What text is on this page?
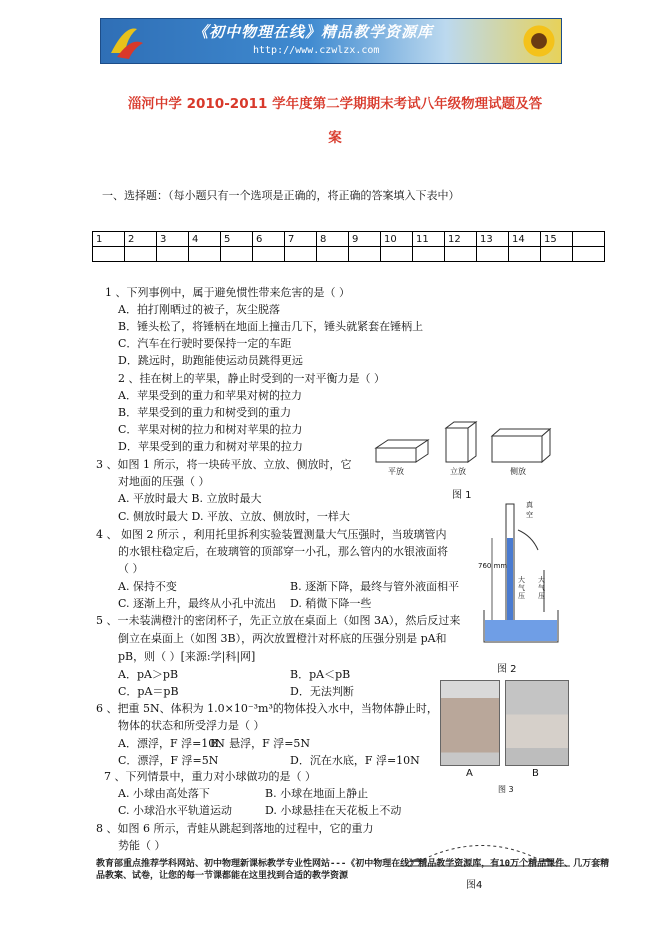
《初中物理在线》精品教学资源库
http://www.czwlzx.com
淄河中学 2010-2011 学年度第二学期期末考试八年级物理试题及答
案
一、选择题：（每小题只有一个选项是正确的，将正确的答案填入下表中）
1	2	3	4	5	6	7	8	9	10	11	12	13	14	15	

1 、下列事例中，属于避免惯性带来危害的是（ ）
A．拍打刚晒过的被子，灰尘脱落
B．锤头松了，将锤柄在地面上撞击几下，锤头就紧套在锤柄上
C．汽车在行驶时要保持一定的车距
D．跳远时，助跑能使运动员跳得更远
2 、挂在树上的苹果，静止时受到的一对平衡力是（ ）
A．苹果受到的重力和苹果对树的拉力
B．苹果受到的重力和树受到的重力
C．苹果对树的拉力和树对苹果的拉力
D．苹果受到的重力和树对苹果的拉力
3 、如图 1 所示，将一块砖平放、立放、侧放时，它
对地面的压强（ ）
A. 平放时最大 B. 立放时最大
C. 侧放时最大 D. 平放、立放、侧放时，一样大
4 、 如图 2 所示 ，利用托里拆利实验装置测量大气压强时，当玻璃管内
的水银柱稳定后，在玻璃管的顶部穿一小孔，那么管内的水银液面将
（ ）
A. 保持不变	B. 逐渐下降，最终与管外液面相平
C. 逐渐上升，最终从小孔中流出 D. 稍微下降一些
5 、一未装满橙汁的密闭杯子，先正立放在桌面上（如图 3A），然后反过来
倒立在桌面上（如图 3B），两次放置橙汁对杯底的压强分别是 pA和
pB，则（ ）[来源:学|科|网]
A．pA＞pB	B．pA＜pB
C．pA＝pB	D．无法判断
6 、把重 5N、体积为 1.0×10⁻³m³的物体投入水中，当物体静止时，
物体的状态和所受浮力是（ ）
A．漂浮，F 浮=10N
B．悬浮，F 浮=5N
C．漂浮，F 浮=5N	D．沉在水底，F 浮=10N
7 、下列情景中，重力对小球做功的是（ ）
A. 小球由高处落下	B. 小球在地面上静止
C. 小球沿水平轨道运动	D. 小球悬挂在天花板上不动
8 、如图 6 所示，青蛙从跳起到落地的过程中，它的重力
势能（ ）
平放	立放	侧放
图 1
真空
760 mm
大气压
大气压
图 2
A	B
图 3
教育部重点推荐学科网站、初中物理新课标教学专业性网站---《初中物理在线》精品教学资源库，有10万个精品课件、几万套精品教案、试卷，让您的每一节课都能在这里找到合适的教学资源
图4
